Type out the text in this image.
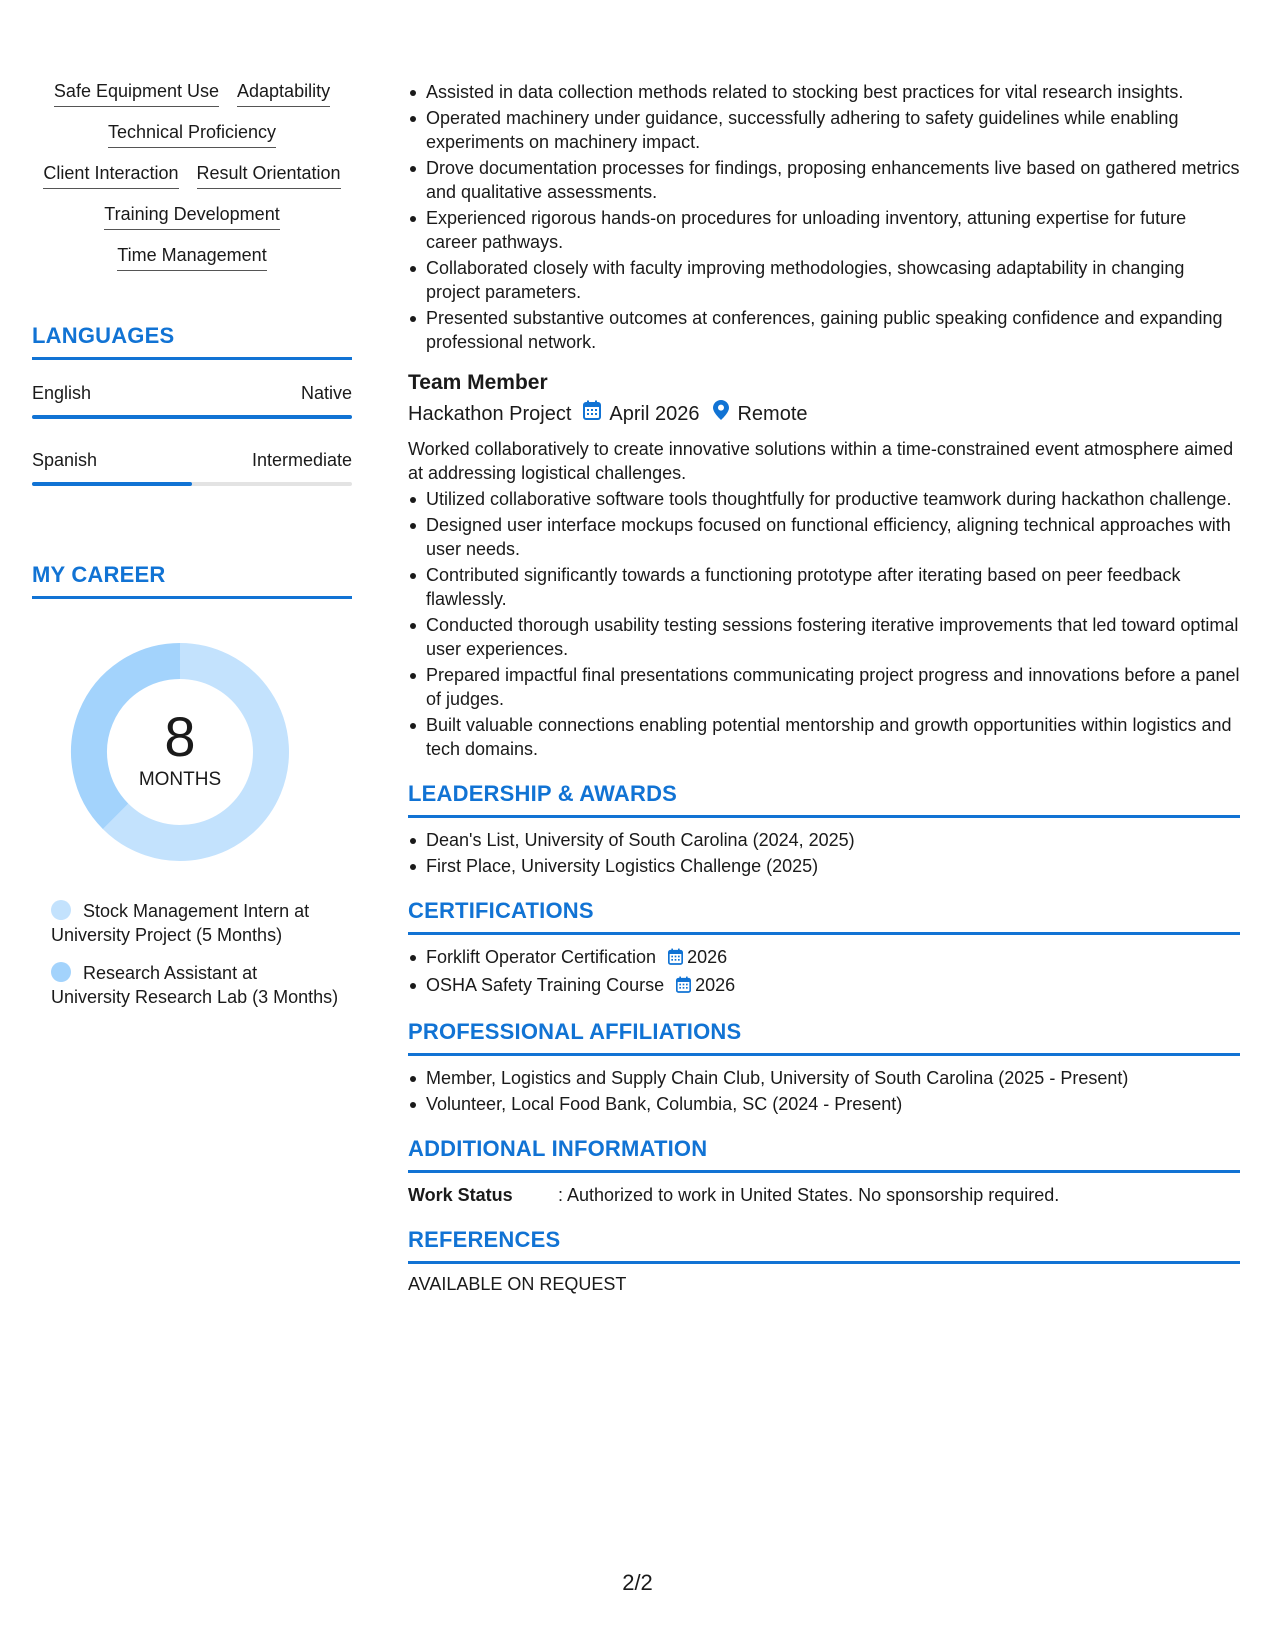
Safe Equipment Use Adaptability
Technical Proficiency
Client Interaction Result Orientation
Training Development
Time Management
LANGUAGES
English	Native
Spanish	Intermediate
MY CAREER
8
MONTHS
Stock Management Intern at University Project (5 Months)
Research Assistant at University Research Lab (3 Months)
Assisted in data collection methods related to stocking best practices for vital research insights.
Operated machinery under guidance, successfully adhering to safety guidelines while enabling experiments on machinery impact.
Drove documentation processes for findings, proposing enhancements live based on gathered metrics and qualitative assessments.
Experienced rigorous hands-on procedures for unloading inventory, attuning expertise for future career pathways.
Collaborated closely with faculty improving methodologies, showcasing adaptability in changing project parameters.
Presented substantive outcomes at conferences, gaining public speaking confidence and expanding professional network.
Team Member
Hackathon Project April 2026 Remote
Worked collaboratively to create innovative solutions within a time-constrained event atmosphere aimed at addressing logistical challenges.
Utilized collaborative software tools thoughtfully for productive teamwork during hackathon challenge.
Designed user interface mockups focused on functional efficiency, aligning technical approaches with user needs.
Contributed significantly towards a functioning prototype after iterating based on peer feedback flawlessly.
Conducted thorough usability testing sessions fostering iterative improvements that led toward optimal user experiences.
Prepared impactful final presentations communicating project progress and innovations before a panel of judges.
Built valuable connections enabling potential mentorship and growth opportunities within logistics and tech domains.
LEADERSHIP & AWARDS
Dean's List, University of South Carolina (2024, 2025)
First Place, University Logistics Challenge (2025)
CERTIFICATIONS
Forklift Operator Certification 2026
OSHA Safety Training Course 2026
PROFESSIONAL AFFILIATIONS
Member, Logistics and Supply Chain Club, University of South Carolina (2025 - Present)
Volunteer, Local Food Bank, Columbia, SC (2024 - Present)
ADDITIONAL INFORMATION
Work Status	: Authorized to work in United States. No sponsorship required.
REFERENCES
AVAILABLE ON REQUEST
2/2
